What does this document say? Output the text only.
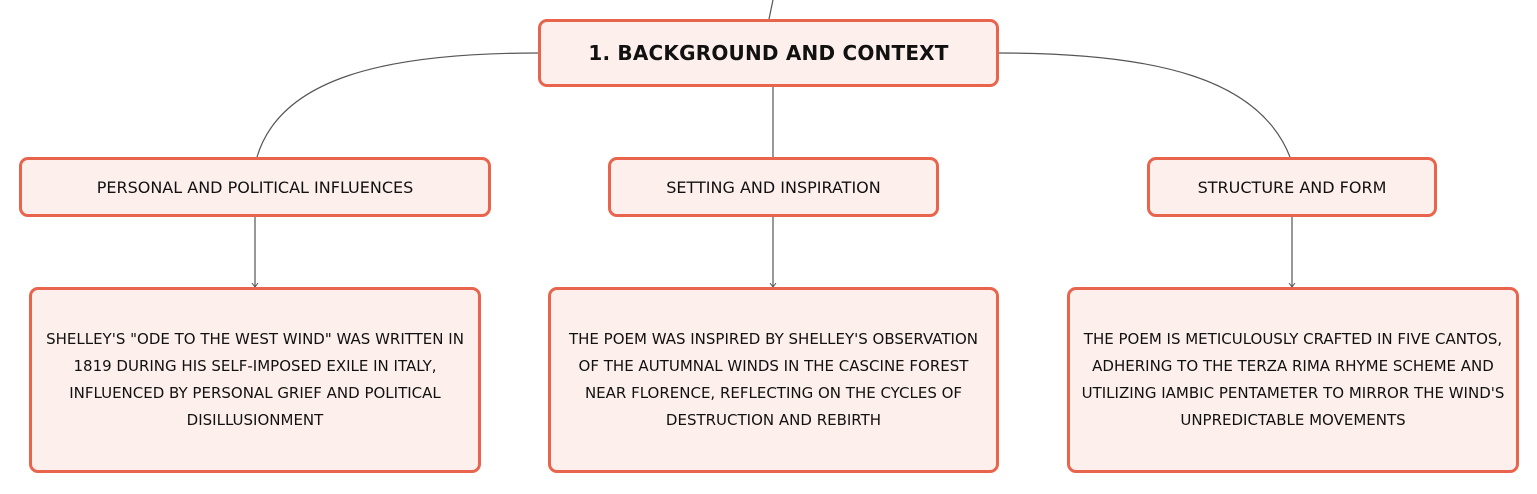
1. BACKGROUND AND CONTEXT
PERSONAL AND POLITICAL INFLUENCES	SETTING AND INSPIRATION	STRUCTURE AND FORM
SHELLEY'S "ODE TO THE WEST WIND" WAS WRITTEN IN 1819 DURING HIS SELF-IMPOSED EXILE IN ITALY, INFLUENCED BY PERSONAL GRIEF AND POLITICAL DISILLUSIONMENT
THE POEM WAS INSPIRED BY SHELLEY'S OBSERVATION OF THE AUTUMNAL WINDS IN THE CASCINE FOREST NEAR FLORENCE, REFLECTING ON THE CYCLES OF DESTRUCTION AND REBIRTH
THE POEM IS METICULOUSLY CRAFTED IN FIVE CANTOS, ADHERING TO THE TERZA RIMA RHYME SCHEME AND UTILIZING IAMBIC PENTAMETER TO MIRROR THE WIND'S UNPREDICTABLE MOVEMENTS
